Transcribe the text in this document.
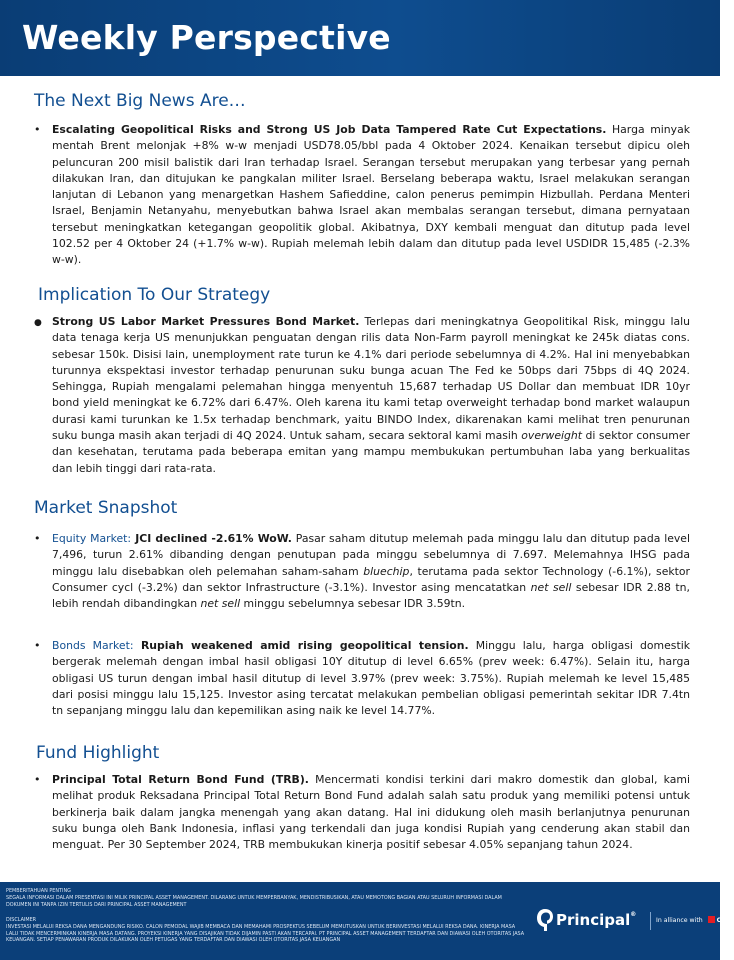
Weekly Perspective
The Next Big News Are…
• Escalating Geopolitical Risks and Strong US Job Data Tampered Rate Cut Expectations. Harga minyak mentah Brent melonjak +8% w-w menjadi USD78.05/bbl pada 4 Oktober 2024. Kenaikan tersebut dipicu oleh peluncuran 200 misil balistik dari Iran terhadap Israel. Serangan tersebut merupakan yang terbesar yang pernah dilakukan Iran, dan ditujukan ke pangkalan militer Israel. Berselang beberapa waktu, Israel melakukan serangan lanjutan di Lebanon yang menargetkan Hashem Safieddine, calon penerus pemimpin Hizbullah. Perdana Menteri Israel, Benjamin Netanyahu, menyebutkan bahwa Israel akan membalas serangan tersebut, dimana pernyataan tersebut meningkatkan ketegangan geopolitik global. Akibatnya, DXY kembali menguat dan ditutup pada level 102.52 per 4 Oktober 24 (+1.7% w-w). Rupiah melemah lebih dalam dan ditutup pada level USDIDR 15,485 (-2.3% w-w).
Implication To Our Strategy
● Strong US Labor Market Pressures Bond Market. Terlepas dari meningkatnya Geopolitikal Risk, minggu lalu data tenaga kerja US menunjukkan penguatan dengan rilis data Non-Farm payroll meningkat ke 245k diatas cons. sebesar 150k. Disisi lain, unemployment rate turun ke 4.1% dari periode sebelumnya di 4.2%. Hal ini menyebabkan turunnya ekspektasi investor terhadap penurunan suku bunga acuan The Fed ke 50bps dari 75bps di 4Q 2024. Sehingga, Rupiah mengalami pelemahan hingga menyentuh 15,687 terhadap US Dollar dan membuat IDR 10yr bond yield meningkat ke 6.72% dari 6.47%. Oleh karena itu kami tetap overweight terhadap bond market walaupun durasi kami turunkan ke 1.5x terhadap benchmark, yaitu BINDO Index, dikarenakan kami melihat tren penurunan suku bunga masih akan terjadi di 4Q 2024. Untuk saham, secara sektoral kami masih overweight di sektor consumer dan kesehatan, terutama pada beberapa emitan yang mampu membukukan pertumbuhan laba yang berkualitas dan lebih tinggi dari rata-rata.
Market Snapshot
• Equity Market: JCI declined -2.61% WoW. Pasar saham ditutup melemah pada minggu lalu dan ditutup pada level 7,496, turun 2.61% dibanding dengan penutupan pada minggu sebelumnya di 7.697. Melemahnya IHSG pada minggu lalu disebabkan oleh pelemahan saham-saham bluechip, terutama pada sektor Technology (-6.1%), sektor Consumer cycl (-3.2%) dan sektor Infrastructure (-3.1%). Investor asing mencatatkan net sell sebesar IDR 2.88 tn, lebih rendah dibandingkan net sell minggu sebelumnya sebesar IDR 3.59tn.
• Bonds Market: Rupiah weakened amid rising geopolitical tension. Minggu lalu, harga obligasi domestik bergerak melemah dengan imbal hasil obligasi 10Y ditutup di level 6.65% (prev week: 6.47%). Selain itu, harga obligasi US turun dengan imbal hasil ditutup di level 3.97% (prev week: 3.75%). Rupiah melemah ke level 15,485 dari posisi minggu lalu 15,125. Investor asing tercatat melakukan pembelian obligasi pemerintah sekitar IDR 7.4tn tn sepanjang minggu lalu dan kepemilikan asing naik ke level 14.77%.
Fund Highlight
• Principal Total Return Bond Fund (TRB). Mencermati kondisi terkini dari makro domestik dan global, kami melihat produk Reksadana Principal Total Return Bond Fund adalah salah satu produk yang memiliki potensi untuk berkinerja baik dalam jangka menengah yang akan datang. Hal ini didukung oleh masih berlanjutnya penurunan suku bunga oleh Bank Indonesia, inflasi yang terkendali dan juga kondisi Rupiah yang cenderung akan stabil dan menguat. Per 30 September 2024, TRB membukukan kinerja positif sebesar 4.05% sepanjang tahun 2024.
PEMBERITAHUAN PENTING
SEGALA INFORMASI DALAM PRESENTASI INI MILIK PRINCIPAL ASSET MANAGEMENT. DILARANG UNTUK MEMPERBANYAK, MENDISTRIBUSIKAN, ATAU MEMOTONG BAGIAN ATAU SELURUH INFORMASI DALAM DOKUMEN INI TANPA IZIN TERTULIS DARI PRINCIPAL ASSET MANAGEMENT
DISCLAIMER
INVESTASI MELALUI REKSA DANA MENGANDUNG RISIKO. CALON PEMODAL WAJIB MEMBACA DAN MEMAHAMI PROSPEKTUS SEBELUM MEMUTUSKAN UNTUK BERINVESTASI MELALUI REKSA DANA. KINERJA MASA LALU TIDAK MENCERMINKAN KINERJA MASA DATANG. PROYEKSI KINERJA YANG DISAJIKAN TIDAK DIJAMIN PASTI AKAN TERCAPAI. PT PRINCIPAL ASSET MANAGEMENT TERDAFTAR DAN DIAWASI OLEH OTORITAS JASA KEUANGAN. SETIAP PENAWARAN PRODUK DILAKUKAN OLEH PETUGAS YANG TERDAFTAR DAN DIAWASI OLEH OTORITAS JASA KEUANGAN
Principal®
In alliance with CIMB
